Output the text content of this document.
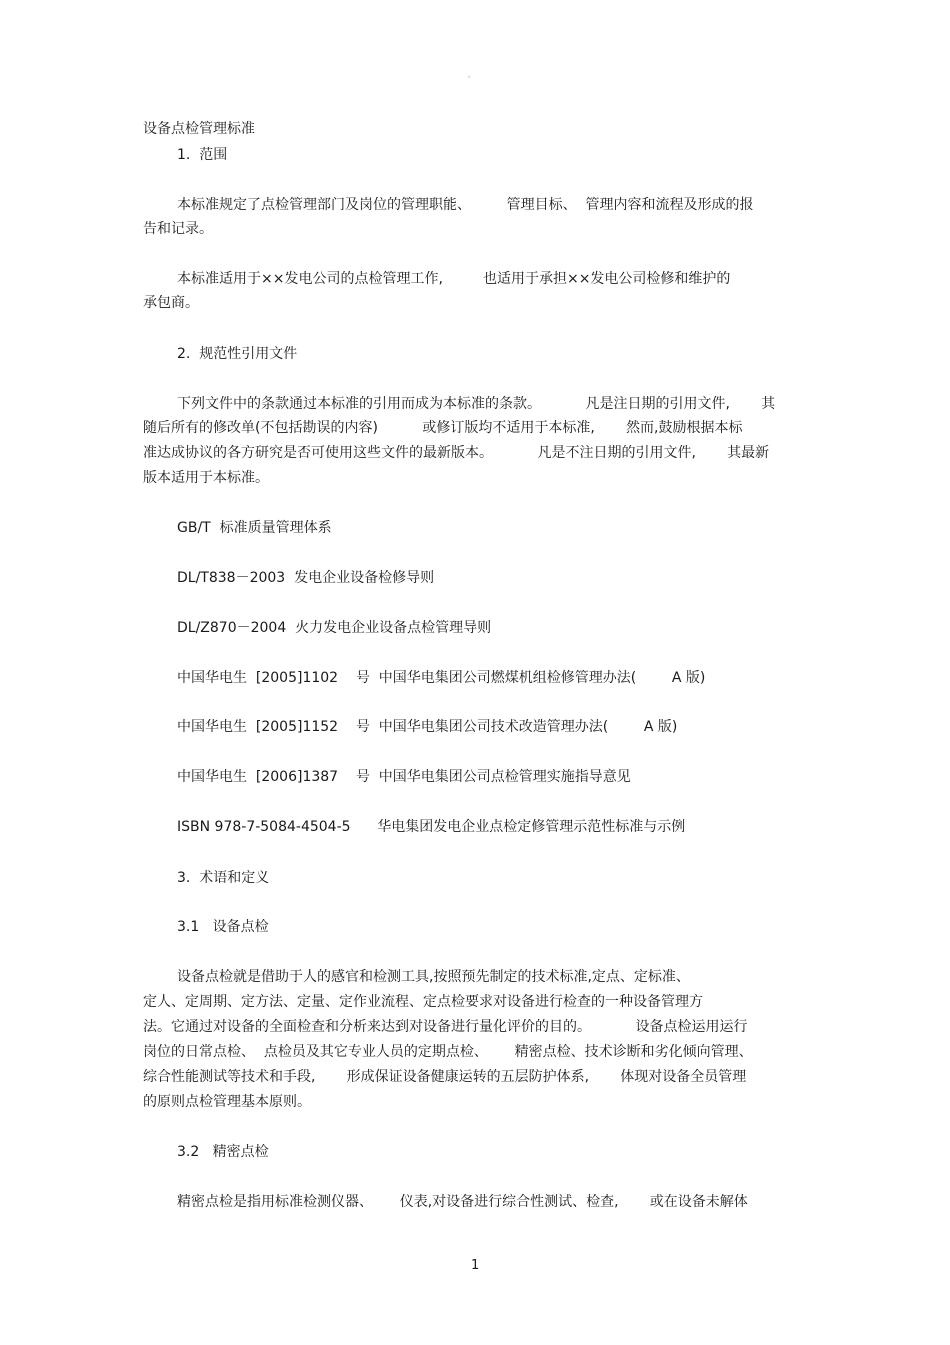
。
设备点检管理标准
1.  范围
本标准规定了点检管理部门及岗位的管理职能、        管理目标、  管理内容和流程及形成的报
告和记录。
本标准适用于××发电公司的点检管理工作,         也适用于承担××发电公司检修和维护的
承包商。
2.  规范性引用文件
下列文件中的条款通过本标准的引用而成为本标准的条款。          凡是注日期的引用文件,       其
随后所有的修改单(不包括勘误的内容)          或修订版均不适用于本标准,       然而,鼓励根据本标
准达成协议的各方研究是否可使用这些文件的最新版本。          凡是不注日期的引用文件,       其最新
版本适用于本标准。
GB/T  标准质量管理体系
DL/T838－2003  发电企业设备检修导则
DL/Z870－2004  火力发电企业设备点检管理导则
中国华电生  [2005]1102    号  中国华电集团公司燃煤机组检修管理办法(        A 版)
中国华电生  [2005]1152    号  中国华电集团公司技术改造管理办法(        A 版)
中国华电生  [2006]1387    号  中国华电集团公司点检管理实施指导意见
ISBN 978-7-5084-4504-5      华电集团发电企业点检定修管理示范性标准与示例
3.  术语和定义
3.1   设备点检
设备点检就是借助于人的感官和检测工具,按照预先制定的技术标准,定点、定标准、
定人、定周期、定方法、定量、定作业流程、定点检要求对设备进行检查的一种设备管理方
法。它通过对设备的全面检查和分析来达到对设备进行量化评价的目的。          设备点检运用运行
岗位的日常点检、  点检员及其它专业人员的定期点检、      精密点检、技术诊断和劣化倾向管理、
综合性能测试等技术和手段,       形成保证设备健康运转的五层防护体系,       体现对设备全员管理
的原则点检管理基本原则。
3.2   精密点检
精密点检是指用标准检测仪器、      仪表,对设备进行综合性测试、检查,       或在设备未解体
1
